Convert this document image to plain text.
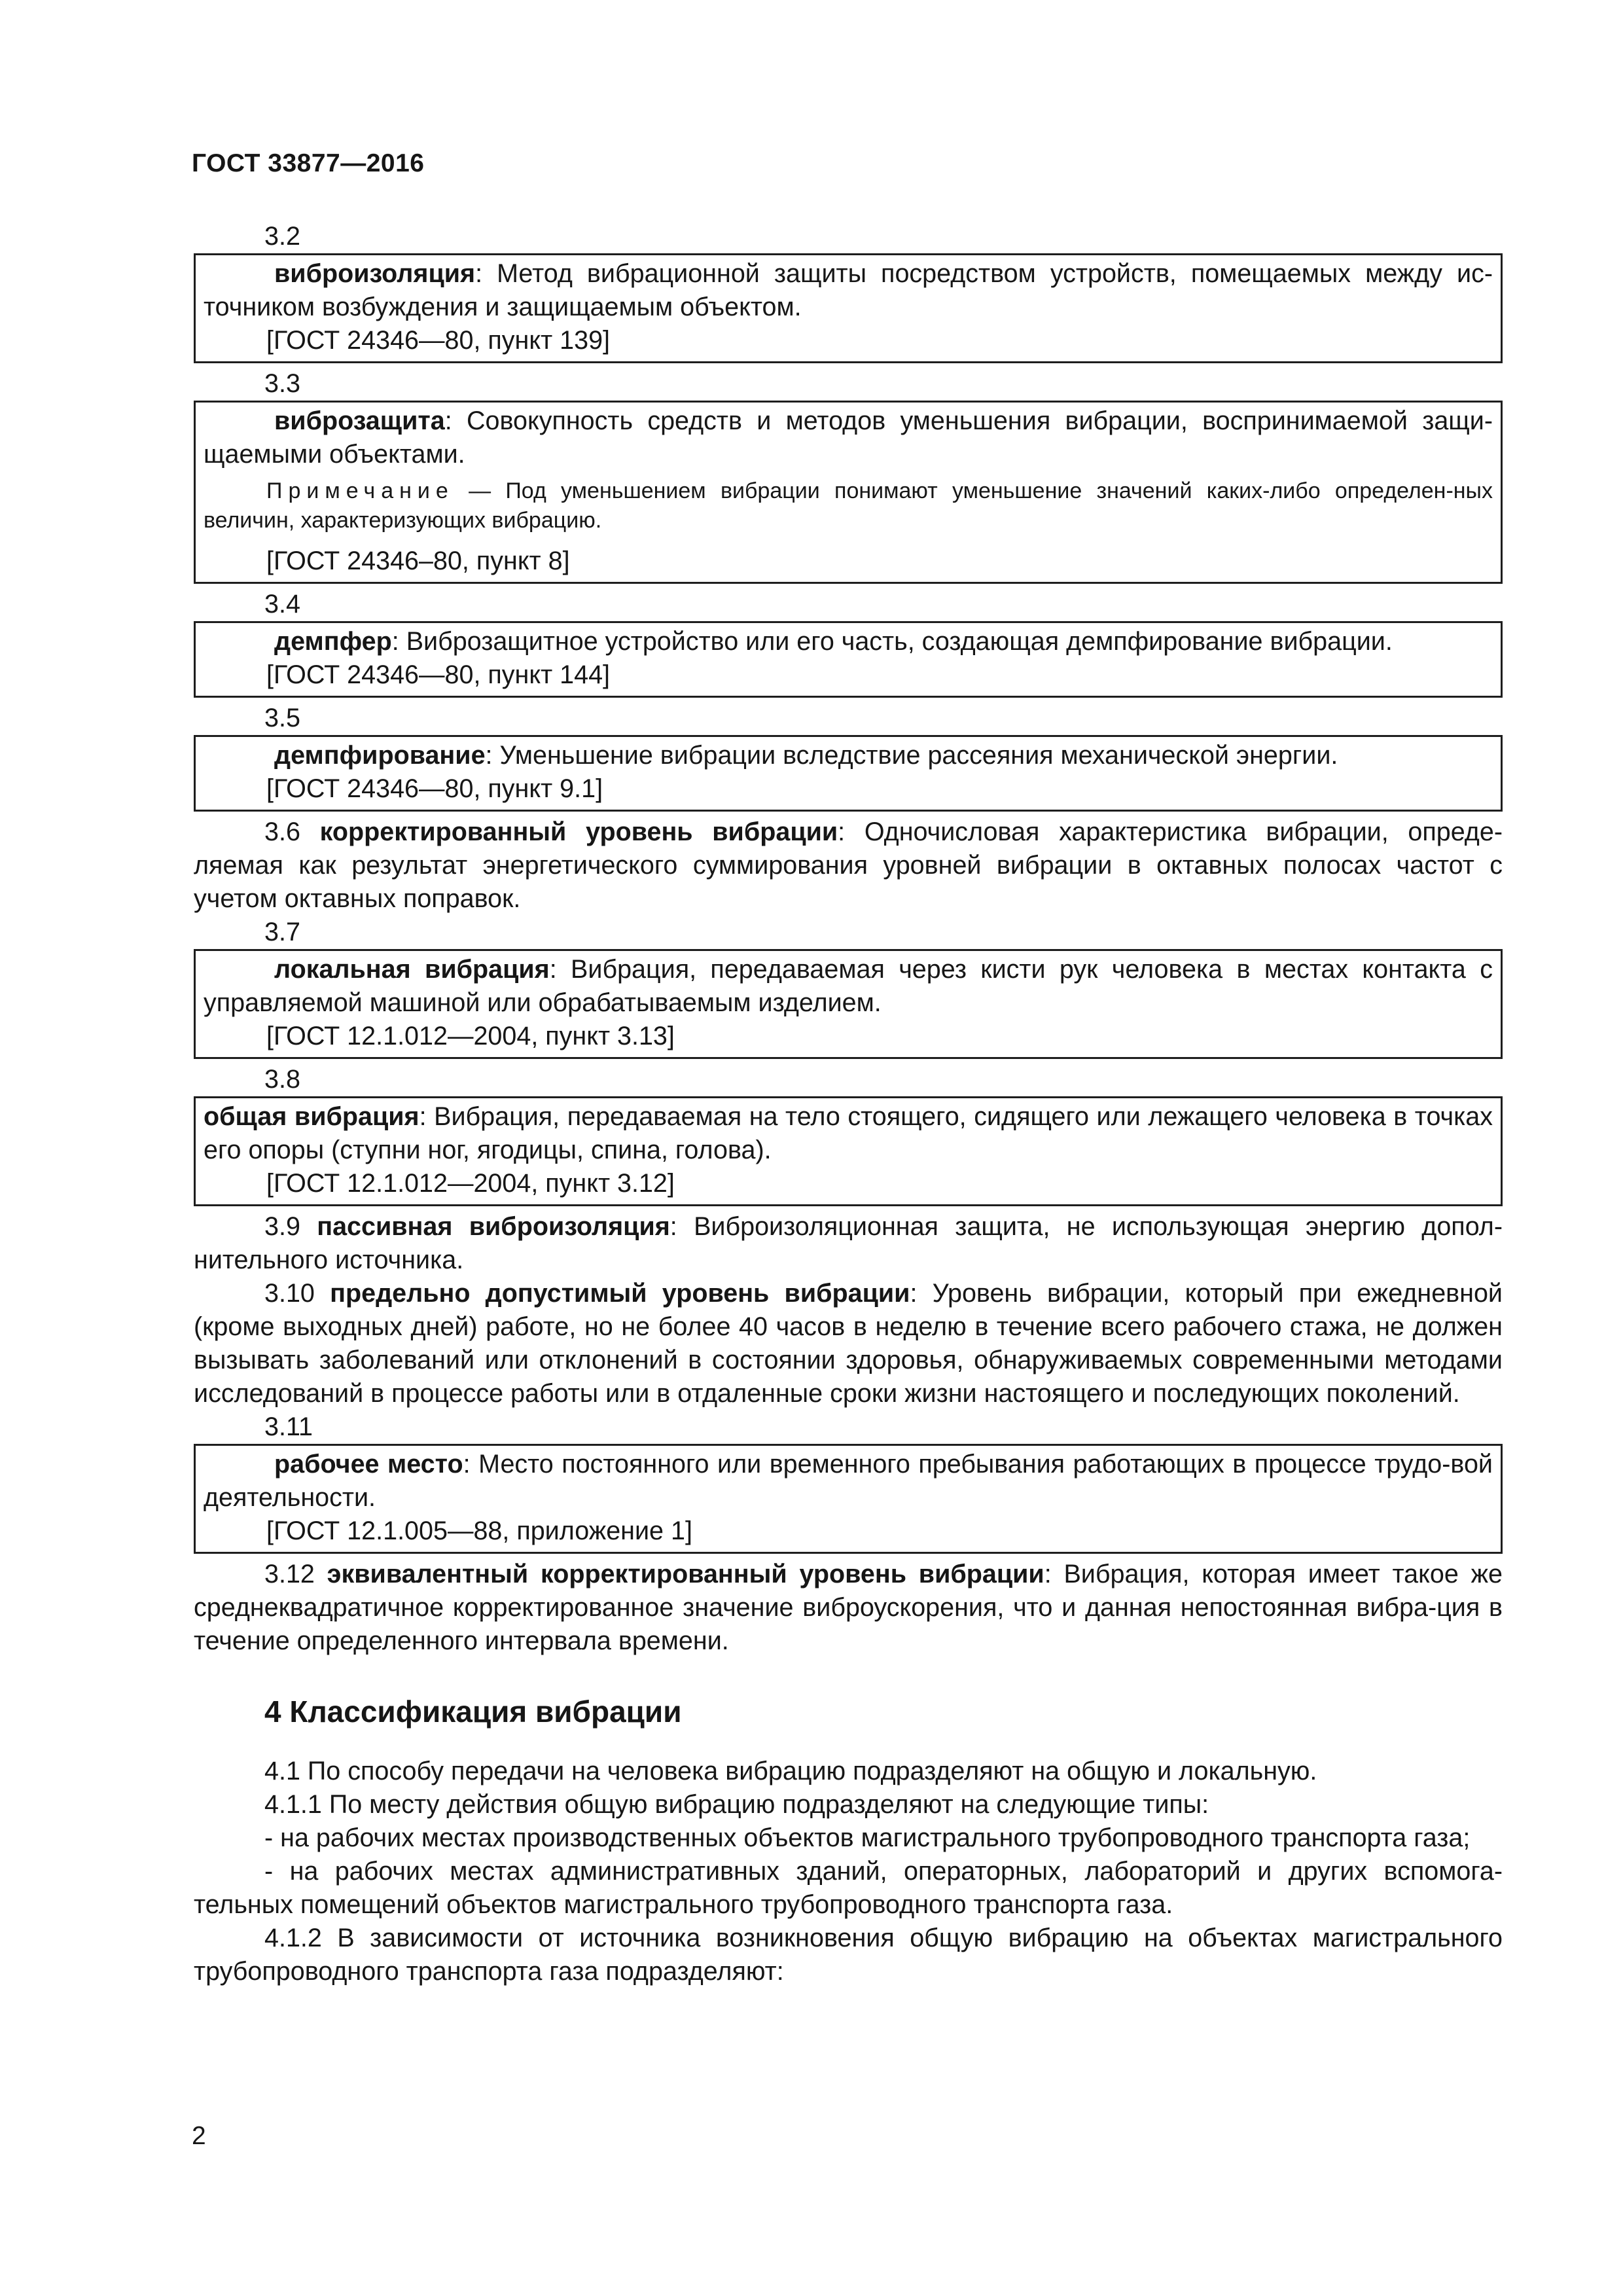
ГОСТ 33877—2016
3.2

виброизоляция: Метод вибрационной защиты посредством устройств, помещаемых между ис-точником возбуждения и защищаемым объектом.

[ГОСТ 24346—80, пункт 139]
3.3

виброзащита: Совокупность средств и методов уменьшения вибрации, воспринимаемой защи-щаемыми объектами.

Примечание — Под уменьшением вибрации понимают уменьшение значений каких-либо определен-ных величин, характеризующих вибрацию.
[ГОСТ 24346–80, пункт 8]
3.4

демпфер: Виброзащитное устройство или его часть, создающая демпфирование вибрации.

[ГОСТ 24346—80, пункт 144]
3.5

демпфирование: Уменьшение вибрации вследствие рассеяния механической энергии.

[ГОСТ 24346—80, пункт 9.1]

3.6 корректированный уровень вибрации: Одночисловая характеристика вибрации, опреде-ляемая как результат энергетического суммирования уровней вибрации в октавных полосах частот с учетом октавных поправок.

3.7

локальная вибрация: Вибрация, передаваемая через кисти рук человека в местах контакта с управляемой машиной или обрабатываемым изделием.

[ГОСТ 12.1.012—2004, пункт 3.13]
3.8

общая вибрация: Вибрация, передаваемая на тело стоящего, сидящего или лежащего человека в точках его опоры (ступни ног, ягодицы, спина, голова).

[ГОСТ 12.1.012—2004, пункт 3.12]

3.9 пассивная виброизоляция: Виброизоляционная защита, не использующая энергию допол-нительного источника.

3.10 предельно допустимый уровень вибрации: Уровень вибрации, который при ежедневной (кроме выходных дней) работе, но не более 40 часов в неделю в течение всего рабочего стажа, не должен вызывать заболеваний или отклонений в состоянии здоровья, обнаруживаемых современными методами исследований в процессе работы или в отдаленные сроки жизни настоящего и последующих поколений.

3.11

рабочее место: Место постоянного или временного пребывания работающих в процессе трудо-вой деятельности.

[ГОСТ 12.1.005—88, приложение 1]

3.12 эквивалентный корректированный уровень вибрации: Вибрация, которая имеет такое же среднеквадратичное корректированное значение виброускорения, что и данная непостоянная вибра-ция в течение определенного интервала времени.

4 Классификация вибрации

4.1 По способу передачи на человека вибрацию подразделяют на общую и локальную.

4.1.1 По месту действия общую вибрацию подразделяют на следующие типы:

- на рабочих местах производственных объектов магистрального трубопроводного транспорта газа;

- на рабочих местах административных зданий, операторных, лабораторий и других вспомога-тельных помещений объектов магистрального трубопроводного транспорта газа.

4.1.2 В зависимости от источника возникновения общую вибрацию на объектах магистрального трубопроводного транспорта газа подразделяют:

2
